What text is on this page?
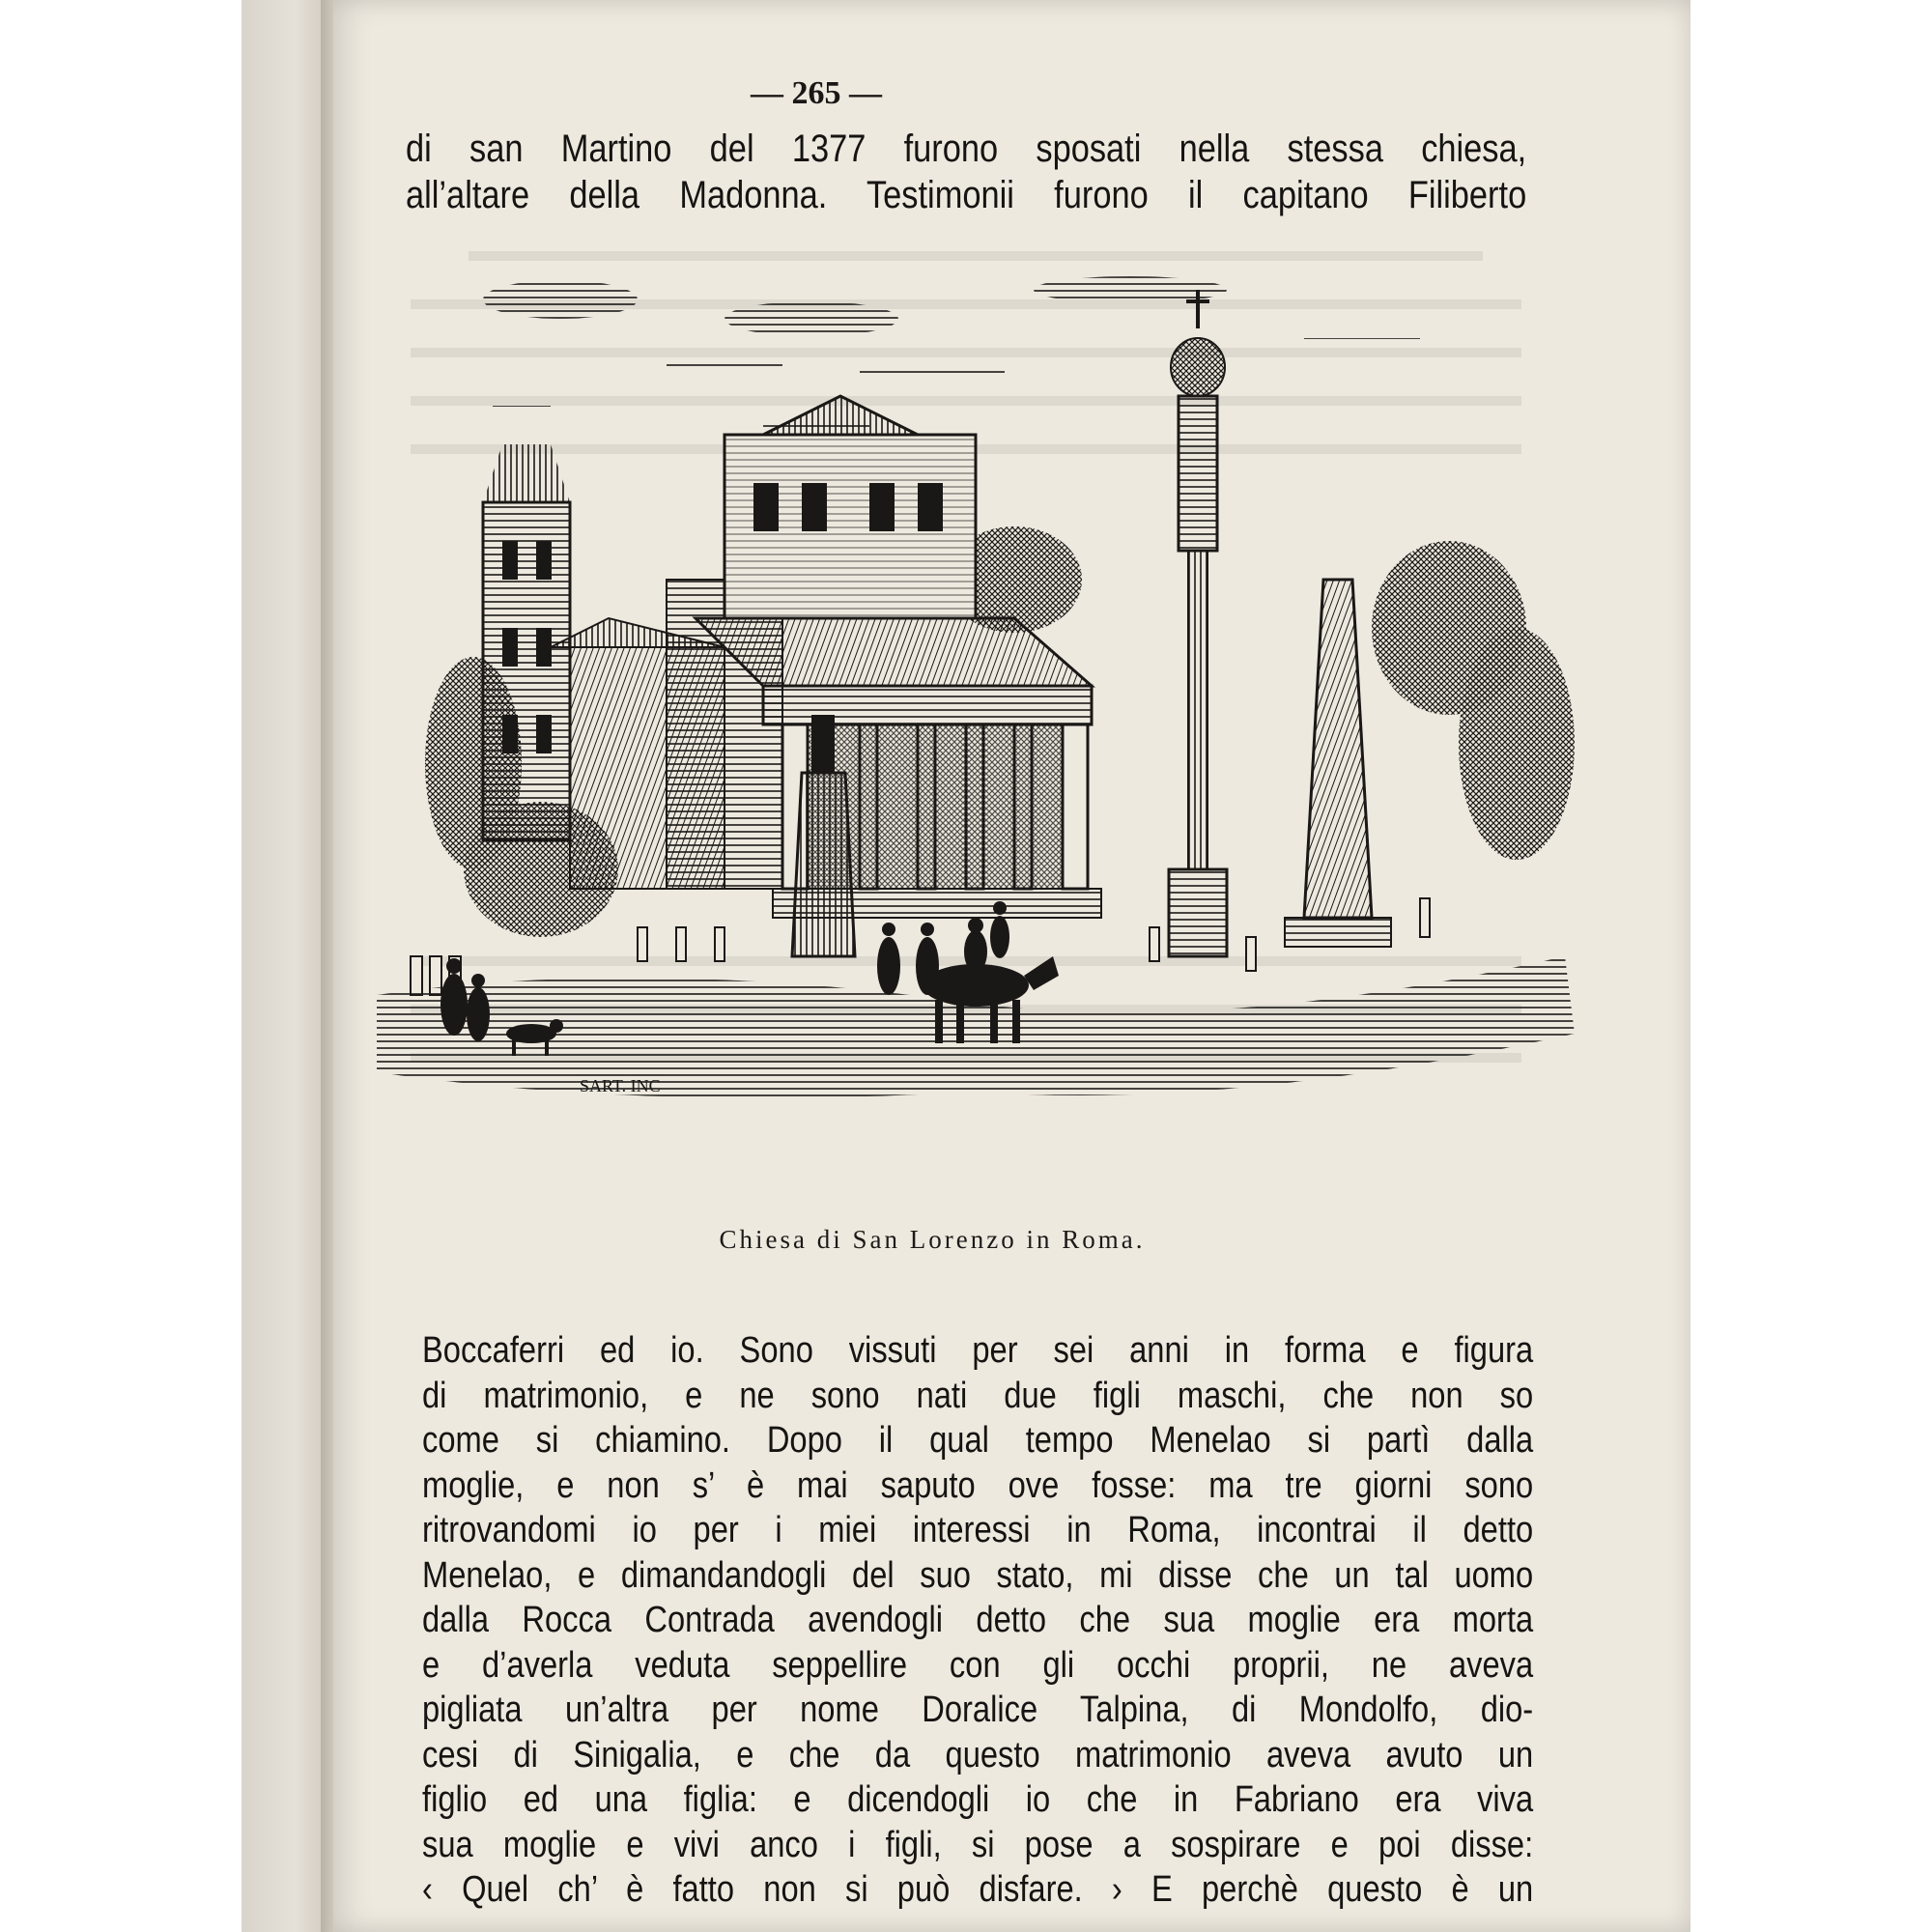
— 265 —
di san Martino del 1377 furono sposati nella stessa chiesa,
all’altare della Madonna. Testimonii furono il capitano Filiberto
SART. INC
Chiesa di San Lorenzo in Roma.
Boccaferri ed io. Sono vissuti per sei anni in forma e figura
di matrimonio, e ne sono nati due figli maschi, che non so
come si chiamino. Dopo il qual tempo Menelao si partì dalla
moglie, e non s’ è mai saputo ove fosse: ma tre giorni sono
ritrovandomi io per i miei interessi in Roma, incontrai il detto
Menelao, e dimandandogli del suo stato, mi disse che un tal uomo
dalla Rocca Contrada avendogli detto che sua moglie era morta
e d’averla veduta seppellire con gli occhi proprii, ne aveva
pigliata un’altra per nome Doralice Talpina, di Mondolfo, dio-
cesi di Sinigalia, e che da questo matrimonio aveva avuto un
figlio ed una figlia: e dicendogli io che in Fabriano era viva
sua moglie e vivi anco i figli, si pose a sospirare e poi disse:
‹ Quel ch’ è fatto non si può disfare. › E perchè questo è un
